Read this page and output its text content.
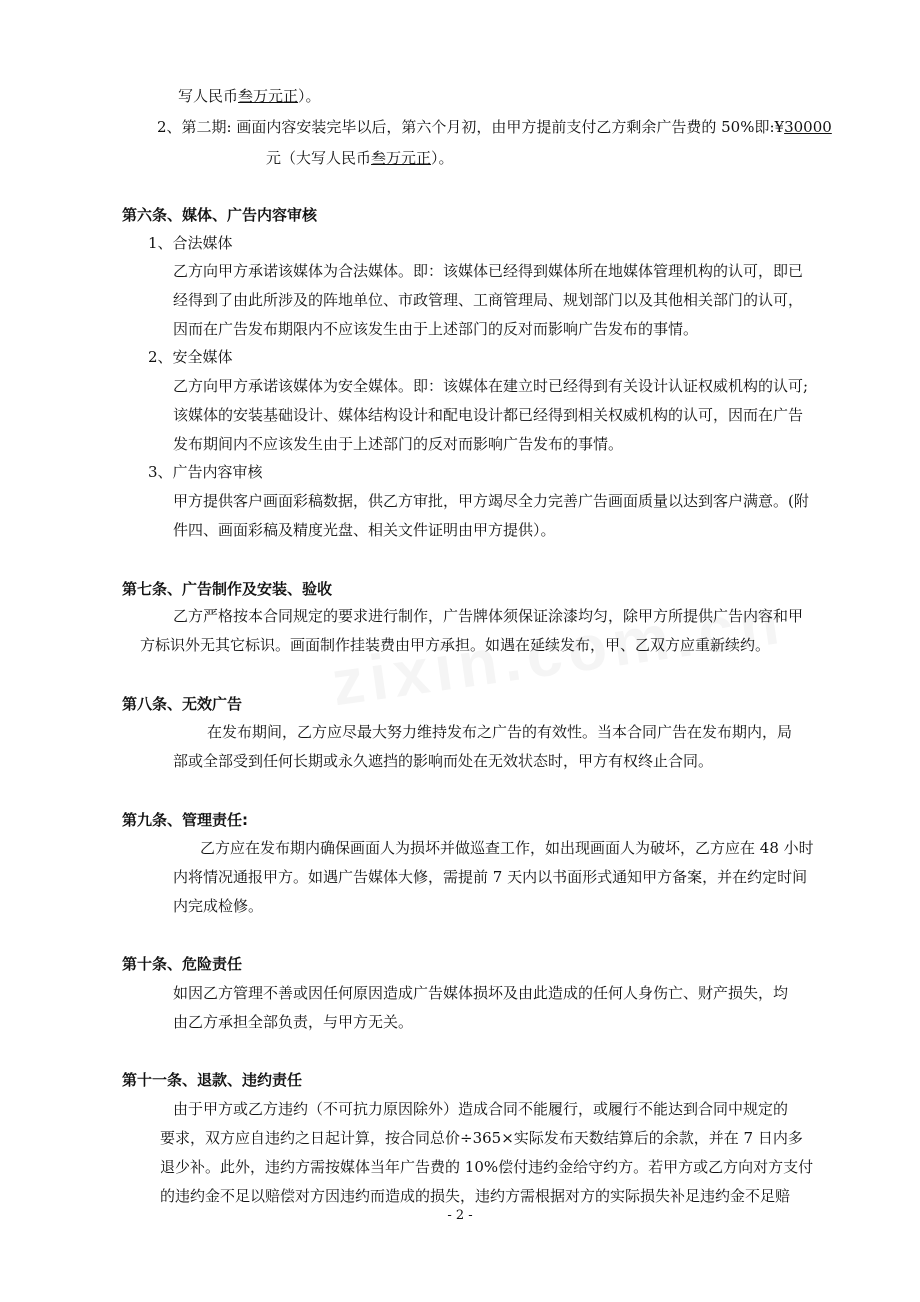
写人民币叁万元正）。
2、第二期: 画面内容安装完毕以后，第六个月初，由甲方提前支付乙方剩余广告费的 50%即:¥30000
元（大写人民币叁万元正）。
第六条、媒体、广告内容审核
1、合法媒体
乙方向甲方承诺该媒体为合法媒体。即：该媒体已经得到媒体所在地媒体管理机构的认可，即已
经得到了由此所涉及的阵地单位、市政管理、工商管理局、规划部门以及其他相关部门的认可，
因而在广告发布期限内不应该发生由于上述部门的反对而影响广告发布的事情。
2、安全媒体
乙方向甲方承诺该媒体为安全媒体。即：该媒体在建立时已经得到有关设计认证权威机构的认可;
该媒体的安装基础设计、媒体结构设计和配电设计都已经得到相关权威机构的认可，因而在广告
发布期间内不应该发生由于上述部门的反对而影响广告发布的事情。
3、广告内容审核
甲方提供客户画面彩稿数据，供乙方审批，甲方竭尽全力完善广告画面质量以达到客户满意。(附
件四、画面彩稿及精度光盘、相关文件证明由甲方提供）。
第七条、广告制作及安装、验收
乙方严格按本合同规定的要求进行制作，广告牌体须保证涂漆均匀，除甲方所提供广告内容和甲
方标识外无其它标识。画面制作挂装费由甲方承担。如遇在延续发布，甲、乙双方应重新续约。
第八条、无效广告
在发布期间，乙方应尽最大努力维持发布之广告的有效性。当本合同广告在发布期内，局
部或全部受到任何长期或永久遮挡的影响而处在无效状态时，甲方有权终止合同。
第九条、管理责任:
乙方应在发布期内确保画面人为损坏并做巡查工作，如出现画面人为破坏，乙方应在 48 小时
内将情况通报甲方。如遇广告媒体大修，需提前 7 天内以书面形式通知甲方备案，并在约定时间
内完成检修。
第十条、危险责任
如因乙方管理不善或因任何原因造成广告媒体损坏及由此造成的任何人身伤亡、财产损失，均
由乙方承担全部负责，与甲方无关。
第十一条、退款、违约责任
由于甲方或乙方违约（不可抗力原因除外）造成合同不能履行，或履行不能达到合同中规定的
要求，双方应自违约之日起计算，按合同总价÷365×实际发布天数结算后的余款，并在 7 日内多
退少补。此外，违约方需按媒体当年广告费的 10%偿付违约金给守约方。若甲方或乙方向对方支付
的违约金不足以赔偿对方因违约而造成的损失，违约方需根据对方的实际损失补足违约金不足赔
- 2 -
